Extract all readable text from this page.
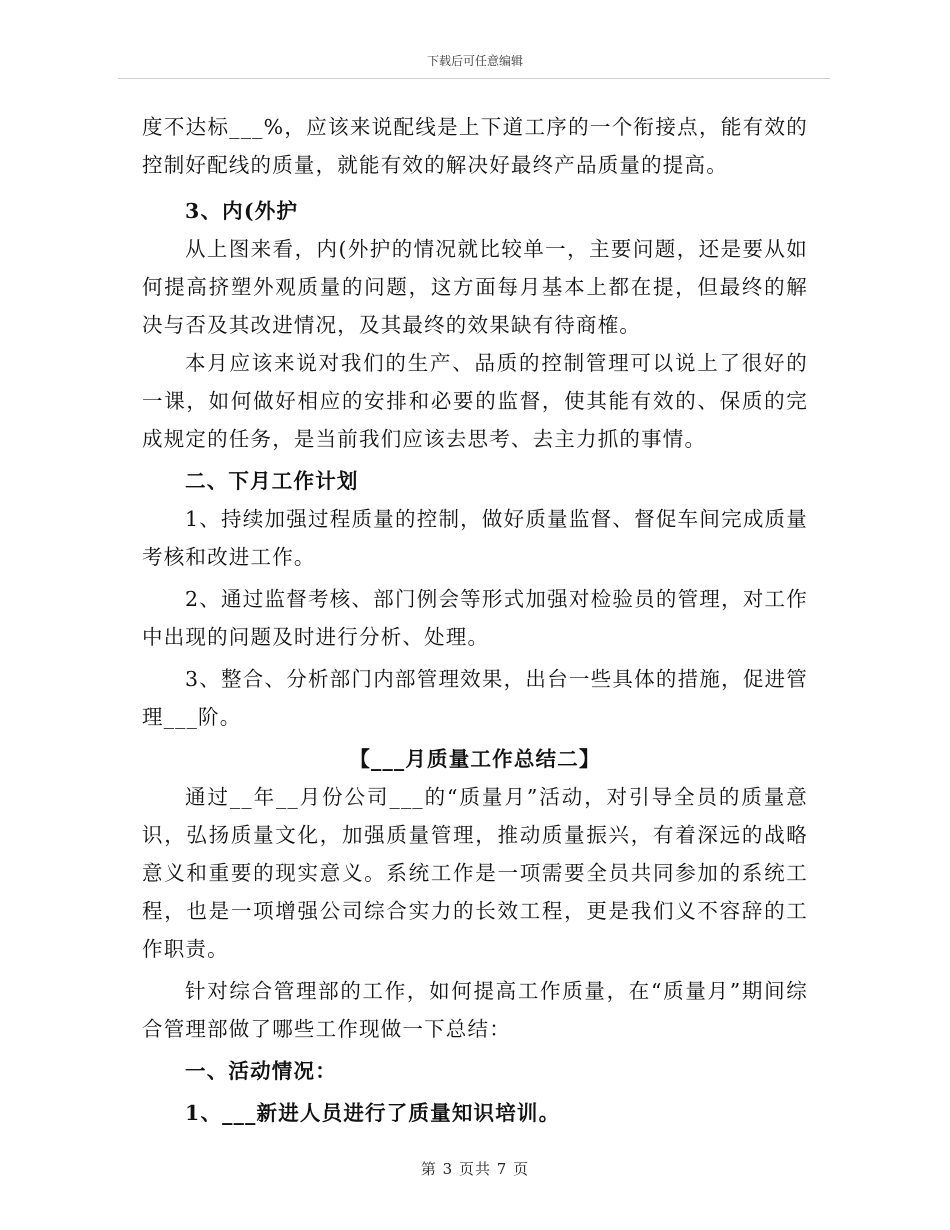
下载后可任意编辑

度不达标___%，应该来说配线是上下道工序的一个衔接点，能有效的控制好配线的质量，就能有效的解决好最终产品质量的提高。

3、内(外护

从上图来看，内(外护的情况就比较单一，主要问题，还是要从如何提高挤塑外观质量的问题，这方面每月基本上都在提，但最终的解决与否及其改进情况，及其最终的效果缺有待商榷。

本月应该来说对我们的生产、品质的控制管理可以说上了很好的一课，如何做好相应的安排和必要的监督，使其能有效的、保质的完成规定的任务，是当前我们应该去思考、去主力抓的事情。

二、下月工作计划

1、持续加强过程质量的控制，做好质量监督、督促车间完成质量考核和改进工作。

2、通过监督考核、部门例会等形式加强对检验员的管理，对工作中出现的问题及时进行分析、处理。

3、整合、分析部门内部管理效果，出台一些具体的措施，促进管理___阶。

【___月质量工作总结二】

通过__年__月份公司___的“质量月”活动，对引导全员的质量意识，弘扬质量文化，加强质量管理，推动质量振兴，有着深远的战略意义和重要的现实意义。系统工作是一项需要全员共同参加的系统工程，也是一项增强公司综合实力的长效工程，更是我们义不容辞的工作职责。

针对综合管理部的工作，如何提高工作质量，在“质量月”期间综合管理部做了哪些工作现做一下总结：

一、活动情况：

1、___新进人员进行了质量知识培训。

第 3 页共 7 页
